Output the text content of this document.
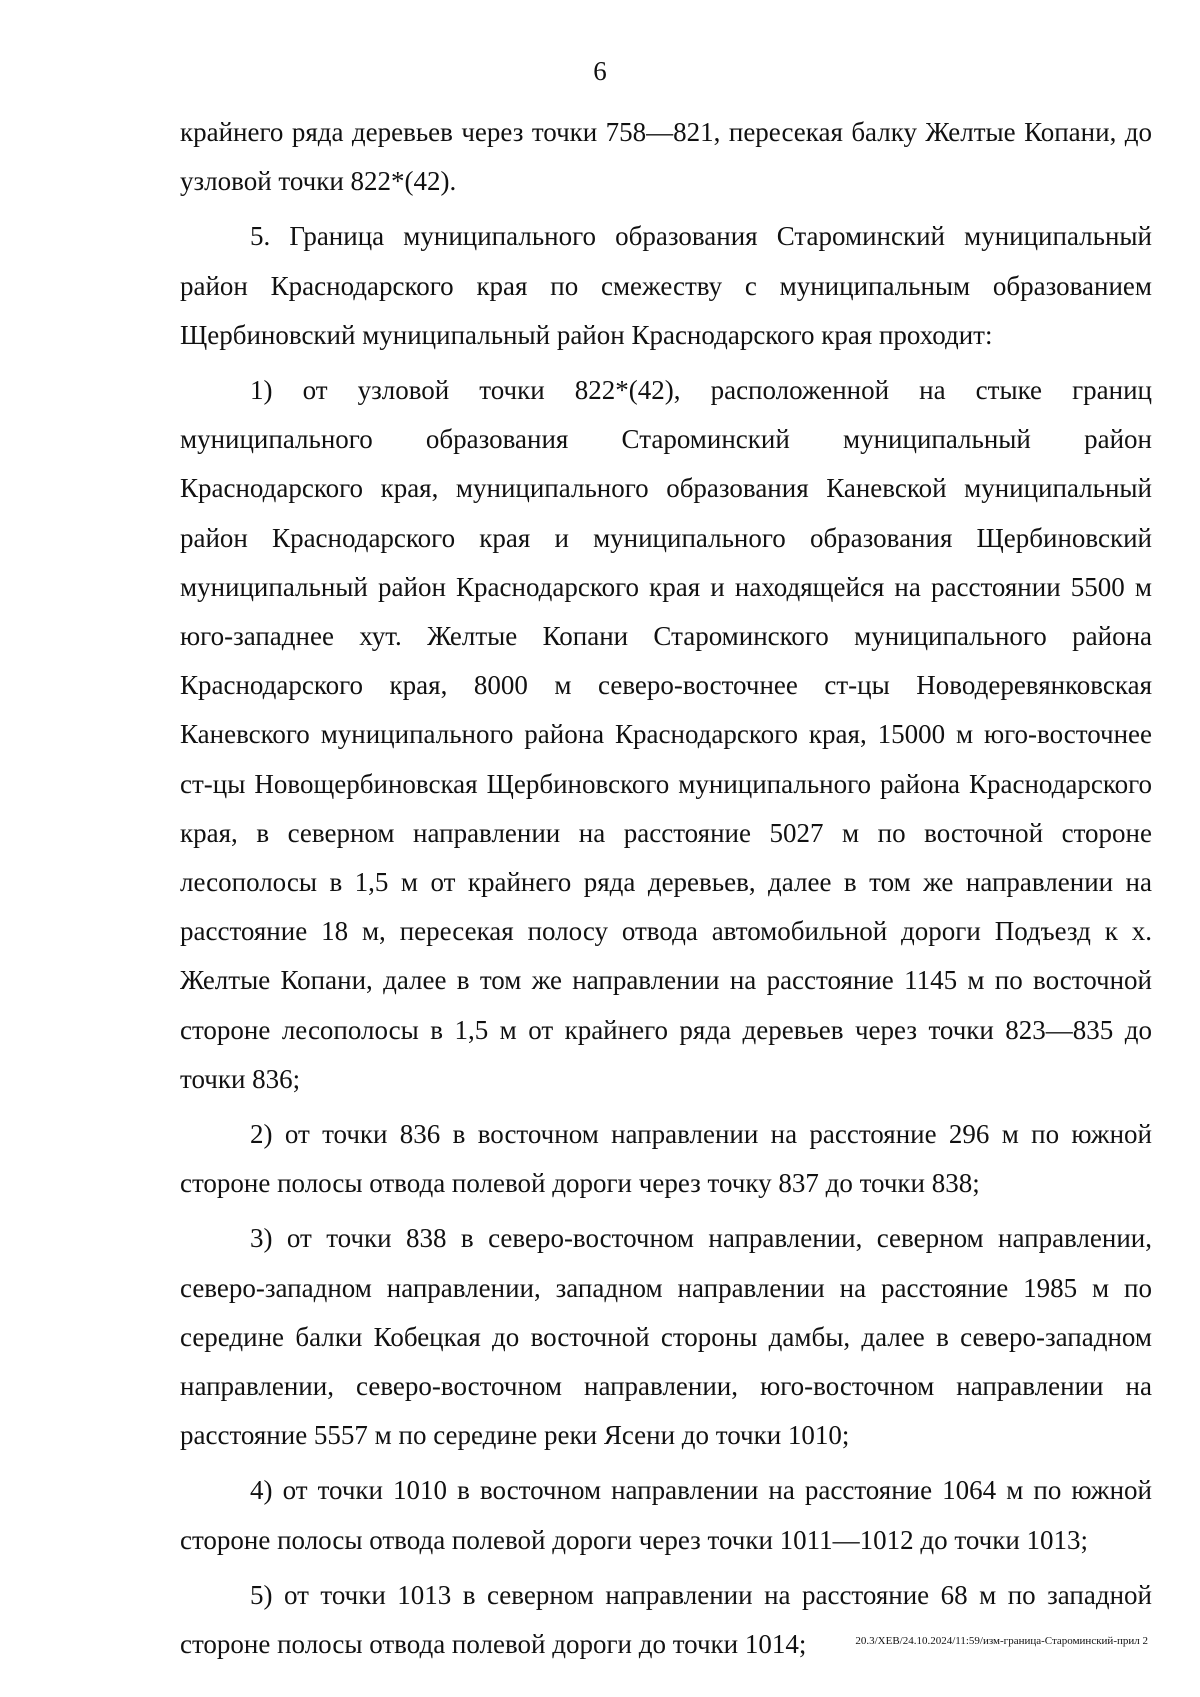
6

крайнего ряда деревьев через точки 758—821, пересекая балку Желтые Копани, до узловой точки 822*(42).

5. Граница муниципального образования Староминский муниципальный район Краснодарского края по смежеству с муниципальным образованием Щербиновский муниципальный район Краснодарского края проходит:

1) от узловой точки 822*(42), расположенной на стыке границ муниципального образования Староминский муниципальный район Краснодарского края, муниципального образования Каневской муниципальный район Краснодарского края и муниципального образования Щербиновский муниципальный район Краснодарского края и находящейся на расстоянии 5500 м юго-западнее хут. Желтые Копани Староминского муниципального района Краснодарского края, 8000 м северо-восточнее ст-цы Новодеревянковская Каневского муниципального района Краснодарского края, 15000 м юго-восточнее ст-цы Новощербиновская Щербиновского муниципального района Краснодарского края, в северном направлении на расстояние 5027 м по восточной стороне лесополосы в 1,5 м от крайнего ряда деревьев, далее в том же направлении на расстояние 18 м, пересекая полосу отвода автомобильной дороги Подъезд к х. Желтые Копани, далее в том же направлении на расстояние 1145 м по восточной стороне лесополосы в 1,5 м от крайнего ряда деревьев через точки 823—835 до точки 836;

2) от точки 836 в восточном направлении на расстояние 296 м по южной стороне полосы отвода полевой дороги через точку 837 до точки 838;

3) от точки 838 в северо-восточном направлении, северном направлении, северо-западном направлении, западном направлении на расстояние 1985 м по середине балки Кобецкая до восточной стороны дамбы, далее в северо-западном направлении, северо-восточном направлении, юго-восточном направлении на расстояние 5557 м по середине реки Ясени до точки 1010;

4) от точки 1010 в восточном направлении на расстояние 1064 м по южной стороне полосы отвода полевой дороги через точки 1011—1012 до точки 1013;

5) от точки 1013 в северном направлении на расстояние 68 м по западной стороне полосы отвода полевой дороги до точки 1014;	20.3/ХЕВ/24.10.2024/11:59/изм-граница-Староминский-прил 2
